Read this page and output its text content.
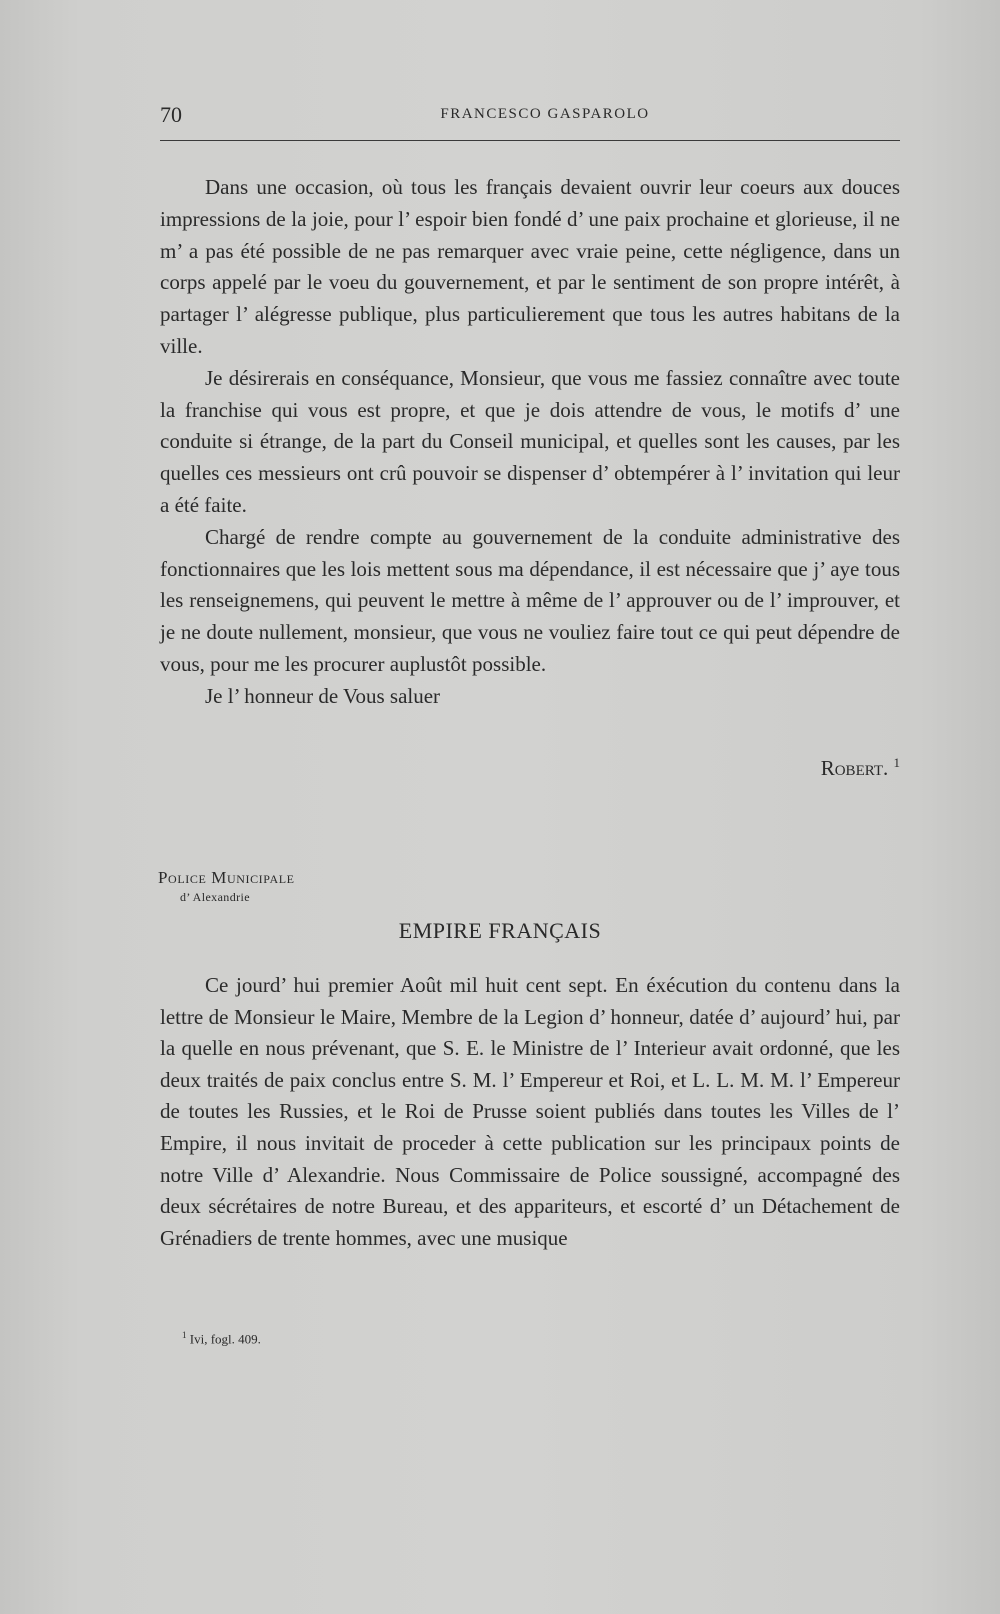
70	FRANCESCO GASPAROLO

Dans une occasion, où tous les français devaient ouvrir leur coeurs aux douces impressions de la joie, pour l’ espoir bien fondé d’ une paix prochaine et glorieuse, il ne m’ a pas été possible de ne pas remarquer avec vraie peine, cette négligence, dans un corps appelé par le voeu du gouvernement, et par le sentiment de son propre intérêt, à partager l’ alégresse publique, plus particulierement que tous les autres habitans de la ville.

Je désirerais en conséquance, Monsieur, que vous me fassiez connaître avec toute la franchise qui vous est propre, et que je dois attendre de vous, le motifs d’ une conduite si étrange, de la part du Conseil municipal, et quelles sont les causes, par les quelles ces messieurs ont crû pouvoir se dispenser d’ obtempérer à l’ invitation qui leur a été faite.

Chargé de rendre compte au gouvernement de la conduite administrative des fonctionnaires que les lois mettent sous ma dépendance, il est nécessaire que j’ aye tous les renseignemens, qui peuvent le mettre à même de l’ approuver ou de l’ improuver, et je ne doute nullement, monsieur, que vous ne vouliez faire tout ce qui peut dépendre de vous, pour me les procurer auplustôt possible.

Je l’ honneur de Vous saluer

Robert. $^1$
Police Municipale
d’ Alexandrie
EMPIRE FRANÇAIS

Ce jourd’ hui premier Août mil huit cent sept. En éxécution du contenu dans la lettre de Monsieur le Maire, Membre de la Legion d’ honneur, datée d’ aujourd’ hui, par la quelle en nous prévenant, que S. E. le Ministre de l’ Interieur avait ordonné, que les deux traités de paix conclus entre S. M. l’ Empereur et Roi, et L. L. M. M. l’ Empereur de toutes les Russies, et le Roi de Prusse soient publiés dans toutes les Villes de l’ Empire, il nous invitait de proceder à cette publication sur les principaux points de notre Ville d’ Alexandrie. Nous Commissaire de Police soussigné, accompagné des deux sécrétaires de notre Bureau, et des appariteurs, et escorté d’ un Détachement de Grénadiers de trente hommes, avec une musique

$^1$ Ivi, fogl. 409.
